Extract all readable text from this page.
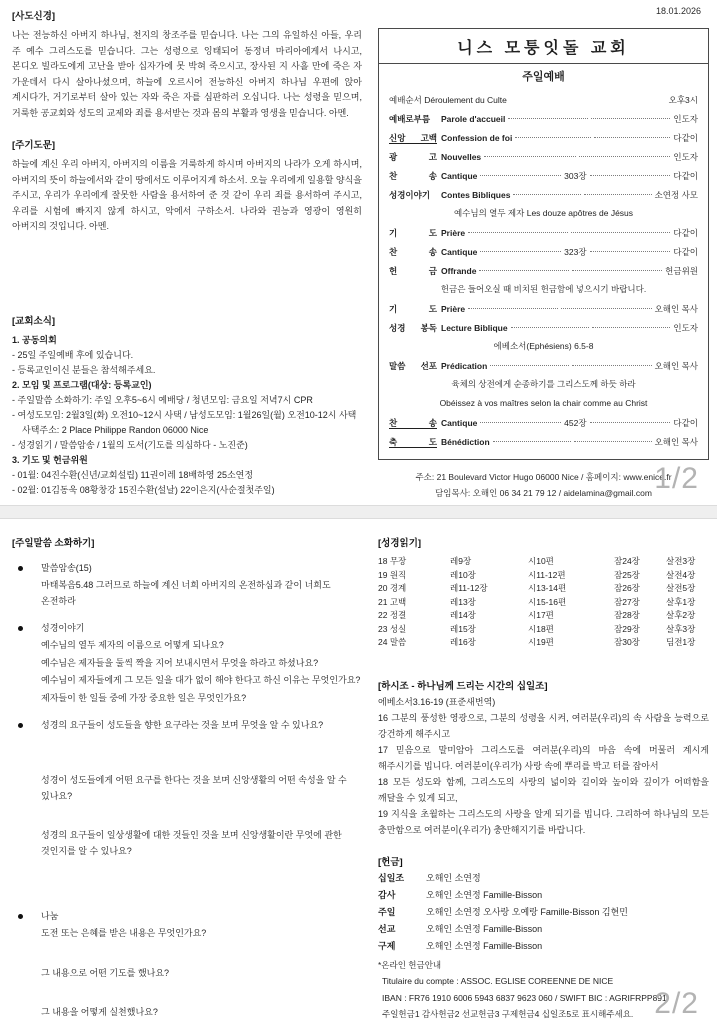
18.01.2026
[사도신경]

나는 전능하신 아버지 하나님, 천지의 창조주를 믿습니다. 나는 그의 유일하신 아들, 우리 주 예수 그리스도를 믿습니다. 그는 성령으로 잉태되어 동정녀 마리아에게서 나시고, 본디오 빌라도에게 고난을 받아 십자가에 못 박혀 죽으시고, 장사된 지 사흘 만에 죽은 자 가운데서 다시 살아나셨으며, 하늘에 오르시어 전능하신 아버지 하나님 우편에 앉아 계시다가, 거기로부터 살아 있는 자와 죽은 자를 심판하러 오십니다. 나는 성령을 믿으며, 거룩한 공교회와 성도의 교제와 죄를 용서받는 것과 몸의 부활과 영생을 믿습니다. 아멘.

[주기도문]

하늘에 계신 우리 아버지, 아버지의 이름을 거룩하게 하시며 아버지의 나라가 오게 하시며, 아버지의 뜻이 하늘에서와 같이 땅에서도 이루어지게 하소서. 오늘 우리에게 일용할 양식을 주시고, 우리가 우리에게 잘못한 사람을 용서하여 준 것 같이 우리 죄를 용서하여 주시고, 우리를 시험에 빠지지 않게 하시고, 악에서 구하소서. 나라와 권능과 영광이 영원히 아버지의 것입니다. 아멘.

[교회소식]
1. 공동의회
- 25일 주일예배 후에 있습니다.
- 등록교인이신 분들은 참석해주세요.
2. 모임 및 프로그램(대상: 등록교인)
- 주일말씀 소화하기: 주일 오후5~6시 예배당 / 청년모임: 금요일 저녁7시 CPR
- 여성도모임: 2월3일(화) 오전10~12시 사택 / 남성도모임: 1월26일(월) 오전10-12시 사택
사택주소: 2 Place Philippe Randon 06000 Nice
- 성경읽기 / 말씀암송 / 1월의 도서(기도를 의심하다 - 노진준)
3. 기도 및 헌금위원
- 01월: 04진수환(신년/교회설립) 11권이레 18배하영 25소연정
- 02월: 01김동욱 08황창강 15진수환(설날) 22이은지(사순절첫주일)
니스 모퉁잇돌 교회
주일예배
예배순서 Déroulement du Culte	오후3시
예배로부름	Parole d'accueil	인도자
신앙 고백 Confession de foi	다같이
광 고 Nouvelles	인도자
찬 송 Cantique	303장	다같이
성경이야기	Contes Bibliques	소연정 사모
예수님의 열두 제자 Les douze apôtres de Jésus
기 도 Prière	다같이
찬 송 Cantique	323장	다같이
헌 금 Offrande	헌금위원
헌금은 들어오실 때 비치된 헌금함에 넣으시기 바랍니다.
기 도 Prière	오해인 목사
성경 봉독 Lecture Biblique	인도자
에베소서(Ephésiens) 6.5-8
말씀 선포 Prédication	오해인 목사
육체의 상전에게 순종하기를 그리스도께 하듯 하라
Obéissez à vos maîtres selon la chair comme au Christ
찬 송 Cantique	452장	다같이
축 도 Bénédiction	오해인 목사
주소: 21 Boulevard Victor Hugo 06000 Nice / 홈페이지: www.enice.fr
담임목사: 오해인 06 34 21 79 12 / aidelamina@gmail.com 1/2
[주일말씀 소화하기]
말씀암송(15)
마태복음5.48 그러므로 하늘에 계신 너희 아버지의 온전하심과 같이 너희도 온전하라
성경이야기
예수님의 열두 제자의 이름으로 어떻게 되나요?
예수님은 제자들을 둘씩 짝을 지어 보내시면서 무엇을 하라고 하셨나요?
예수님이 제자들에게 그 모든 일을 대가 없이 해야 한다고 하신 이유는 무엇인가요?
제자들이 한 일들 중에 가장 중요한 일은 무엇인가요?
성경의 요구들이 성도들을 향한 요구라는 것을 보며 무엇을 알 수 있나요?
성경이 성도들에게 어떤 요구를 한다는 것을 보며 신앙생활의 어떤 속성을 알 수 있나요?
성경의 요구들이 일상생활에 대한 것들인 것을 보며 신앙생활이란 무엇에 관한 것인지를 알 수 있나요?
나눔
도전 또는 은혜를 받은 내용은 무엇인가요?
그 내용으로 어떤 기도를 했나요?
그 내용을 어떻게 실천했나요?
[성경읽기]
18 무장	레9장	시10편	잠24장	살전3장
19 원직	레10장	시11-12편	잠25장	살전4장
20 경계	레11-12장	시13-14편	잠26장	살전5장
21 고백	레13장	시15-16편	잠27장	살후1장
22 정결	레14장	시17편	잠28장	살후2장
23 성실	레15장	시18편	잠29장	살후3장
24 말씀	레16장	시19편	잠30장	딤전1장
[하시조 - 하나님께 드리는 시간의 십일조]
에베소서3.16-19 (표준새번역)
16 그분의 풍성한 영광으로, 그분의 성령을 시켜, 여러분(우리)의 속 사람을 능력으로 강건하게 해주시고
17 믿음으로 말미암아 그리스도를 여러분(우리)의 마음 속에 머물러 계시게 해주시기를 빕니다. 여러분이(우리가) 사랑 속에 뿌리를 박고 터를 잡아서
18 모든 성도와 함께, 그리스도의 사랑의 넓이와 길이와 높이와 깊이가 어떠함을 깨달을 수 있게 되고,
19 지식을 초월하는 그리스도의 사랑을 알게 되기를 빕니다. 그리하여 하나님의 모든 충만함으로 여러분이(우리가) 충만해지기를 바랍니다.
[헌금]
십일조	오해인 소연정
감사	오해인 소연정 Famille-Bisson
주일	오해인 소연정 오사랑 오예랑 Famille-Bisson 김현민
선교	오해인 소연정 Famille-Bisson
구제	오해인 소연정 Famille-Bisson
*온라인 헌금안내
Titulaire du compte : ASSOC. EGLISE COREENNE DE NICE
IBAN : FR76 1910 6006 5943 6837 9623 060 / SWIFT BIC : AGRIFRPP891
주일헌금1 감사헌금2 선교헌금3 구제헌금4 십일조5로 표시해주세요. 2/2
